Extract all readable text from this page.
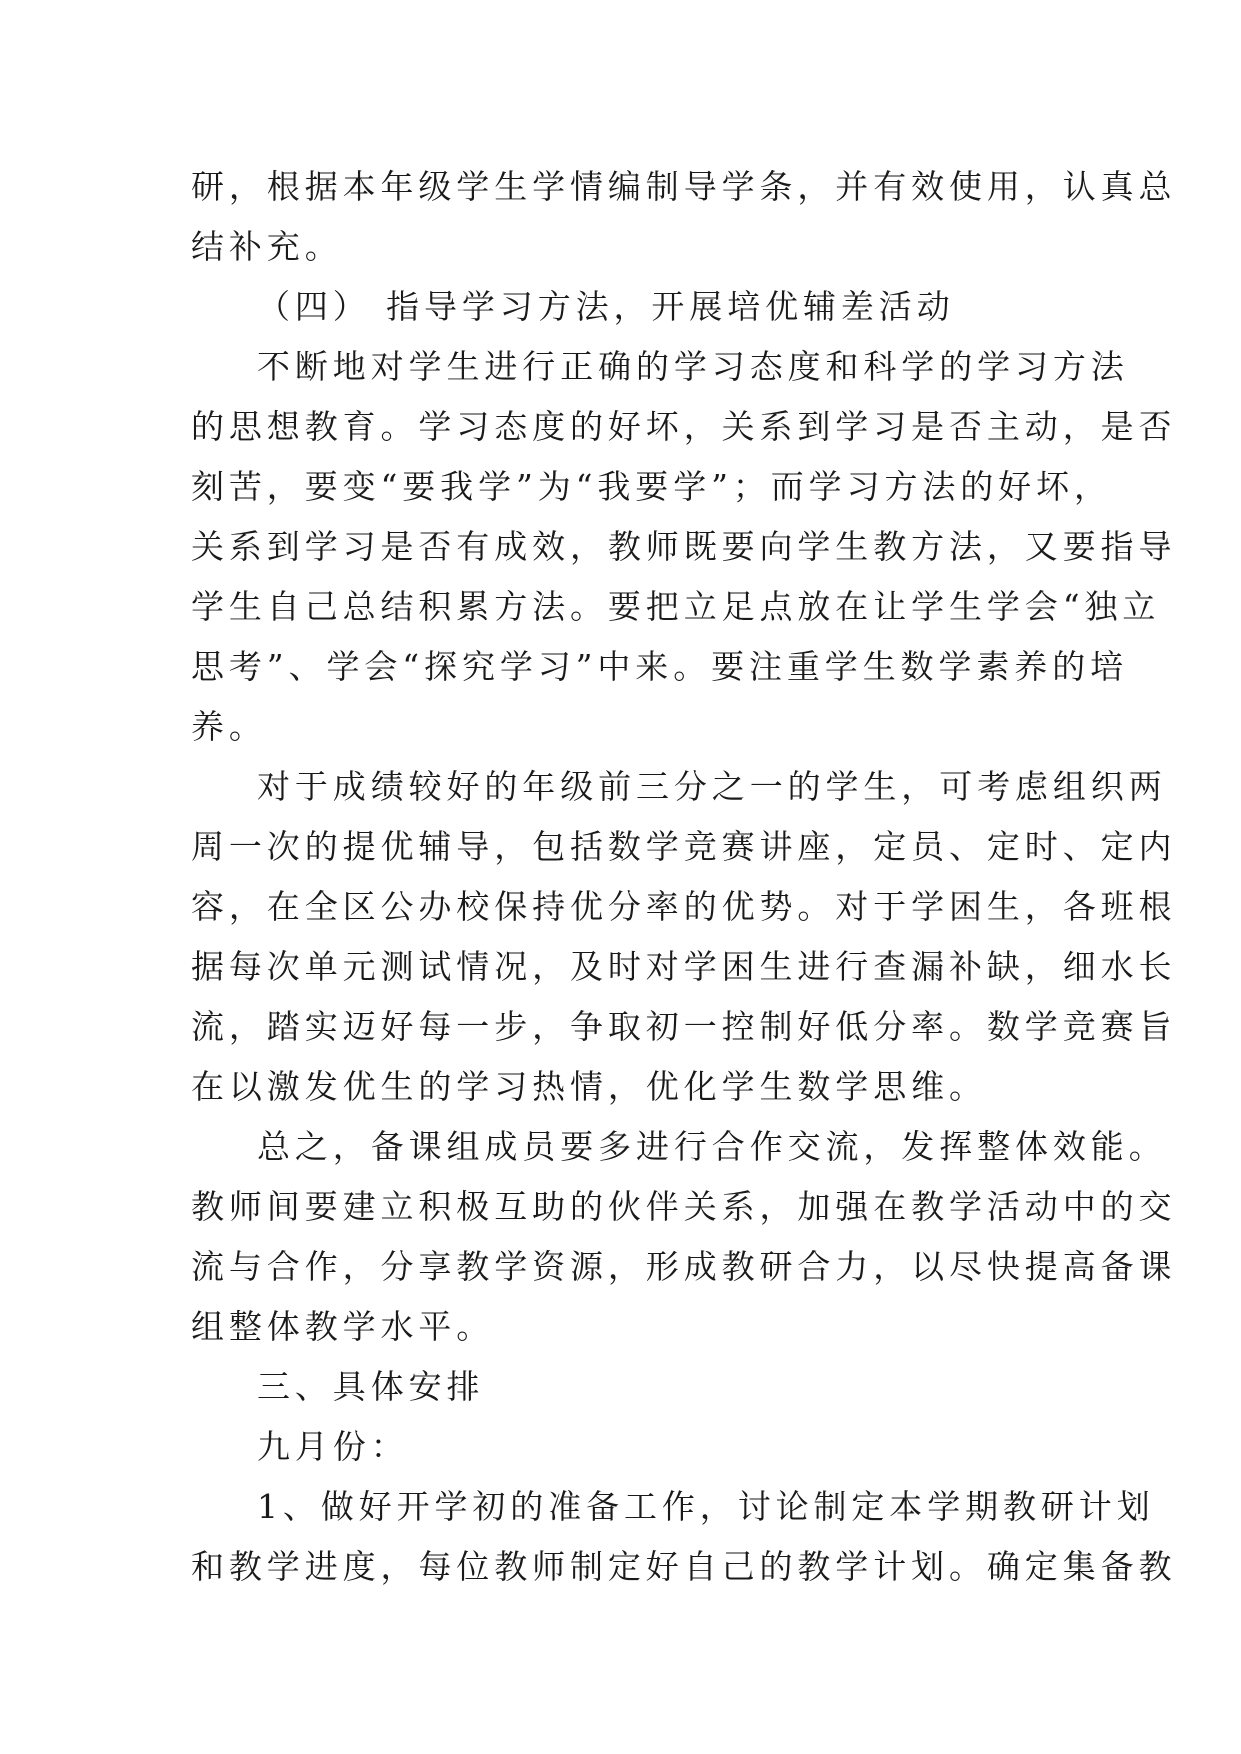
研，根据本年级学生学情编制导学条，并有效使用，认真总
结补充。
（四） 指导学习方法，开展培优辅差活动
不断地对学生进行正确的学习态度和科学的学习方法
的思想教育。学习态度的好坏，关系到学习是否主动，是否
刻苦，要变“要我学”为“我要学”；而学习方法的好坏，
关系到学习是否有成效，教师既要向学生教方法，又要指导
学生自己总结积累方法。要把立足点放在让学生学会“独立
思考”、学会“探究学习”中来。要注重学生数学素养的培
养。
对于成绩较好的年级前三分之一的学生，可考虑组织两
周一次的提优辅导，包括数学竞赛讲座，定员、定时、定内
容，在全区公办校保持优分率的优势。对于学困生，各班根
据每次单元测试情况，及时对学困生进行查漏补缺，细水长
流，踏实迈好每一步，争取初一控制好低分率。数学竞赛旨
在以激发优生的学习热情，优化学生数学思维。
总之，备课组成员要多进行合作交流，发挥整体效能。
教师间要建立积极互助的伙伴关系，加强在教学活动中的交
流与合作，分享教学资源，形成教研合力，以尽快提高备课
组整体教学水平。
三、具体安排
九月份：
1、做好开学初的准备工作，讨论制定本学期教研计划
和教学进度，每位教师制定好自己的教学计划。确定集备教
